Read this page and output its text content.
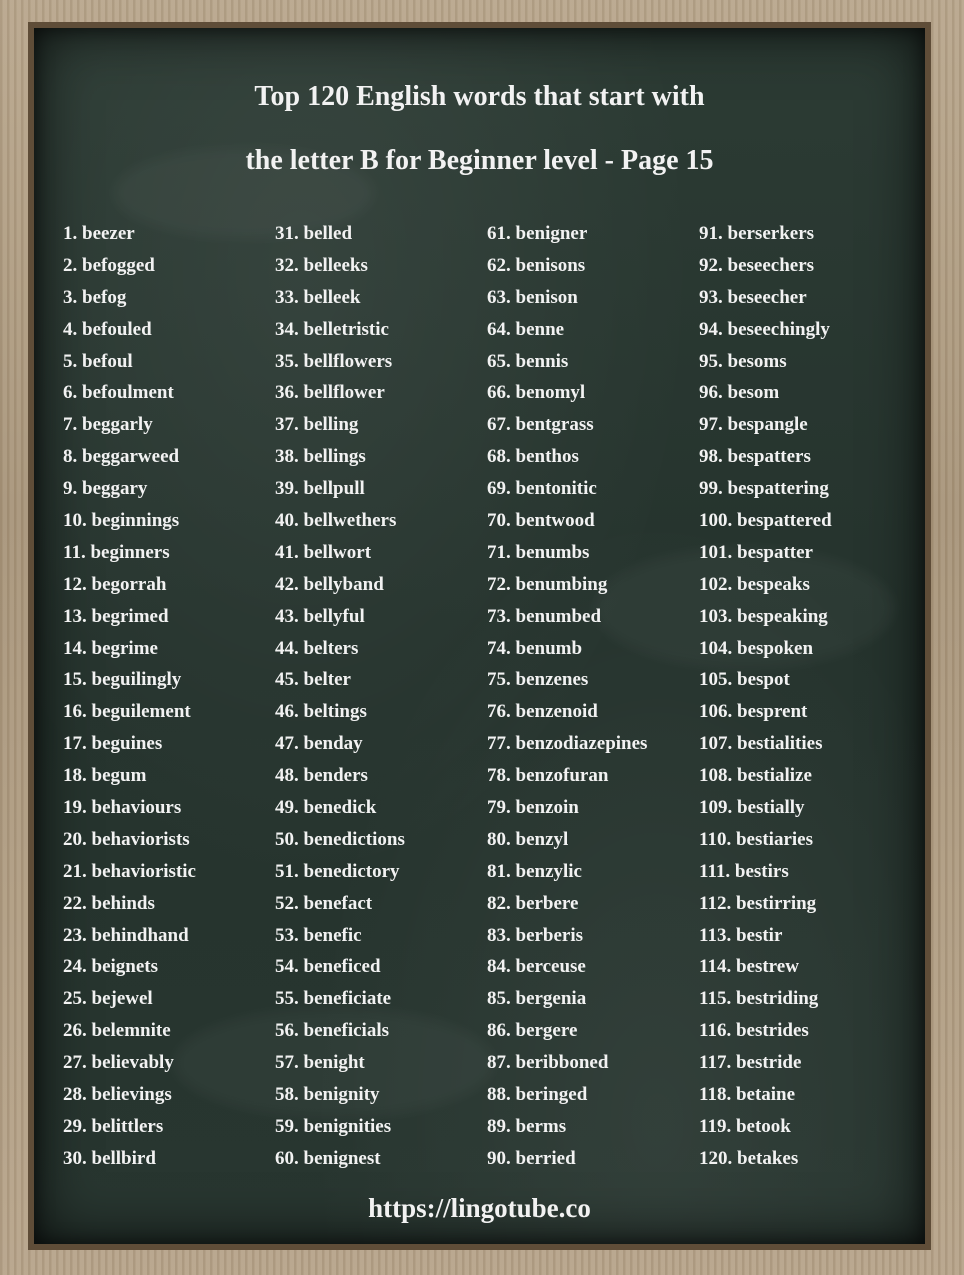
Top 120 English words that start with
the letter B for Beginner level - Page 15
1. beezer
2. befogged
3. befog
4. befouled
5. befoul
6. befoulment
7. beggarly
8. beggarweed
9. beggary
10. beginnings
11. beginners
12. begorrah
13. begrimed
14. begrime
15. beguilingly
16. beguilement
17. beguines
18. begum
19. behaviours
20. behaviorists
21. behavioristic
22. behinds
23. behindhand
24. beignets
25. bejewel
26. belemnite
27. believably
28. believings
29. belittlers
30. bellbird
31. belled
32. belleeks
33. belleek
34. belletristic
35. bellflowers
36. bellflower
37. belling
38. bellings
39. bellpull
40. bellwethers
41. bellwort
42. bellyband
43. bellyful
44. belters
45. belter
46. beltings
47. benday
48. benders
49. benedick
50. benedictions
51. benedictory
52. benefact
53. benefic
54. beneficed
55. beneficiate
56. beneficials
57. benight
58. benignity
59. benignities
60. benignest
61. benigner
62. benisons
63. benison
64. benne
65. bennis
66. benomyl
67. bentgrass
68. benthos
69. bentonitic
70. bentwood
71. benumbs
72. benumbing
73. benumbed
74. benumb
75. benzenes
76. benzenoid
77. benzodiazepines
78. benzofuran
79. benzoin
80. benzyl
81. benzylic
82. berbere
83. berberis
84. berceuse
85. bergenia
86. bergere
87. beribboned
88. beringed
89. berms
90. berried
91. berserkers
92. beseechers
93. beseecher
94. beseechingly
95. besoms
96. besom
97. bespangle
98. bespatters
99. bespattering
100. bespattered
101. bespatter
102. bespeaks
103. bespeaking
104. bespoken
105. bespot
106. besprent
107. bestialities
108. bestialize
109. bestially
110. bestiaries
111. bestirs
112. bestirring
113. bestir
114. bestrew
115. bestriding
116. bestrides
117. bestride
118. betaine
119. betook
120. betakes
https://lingotube.co
